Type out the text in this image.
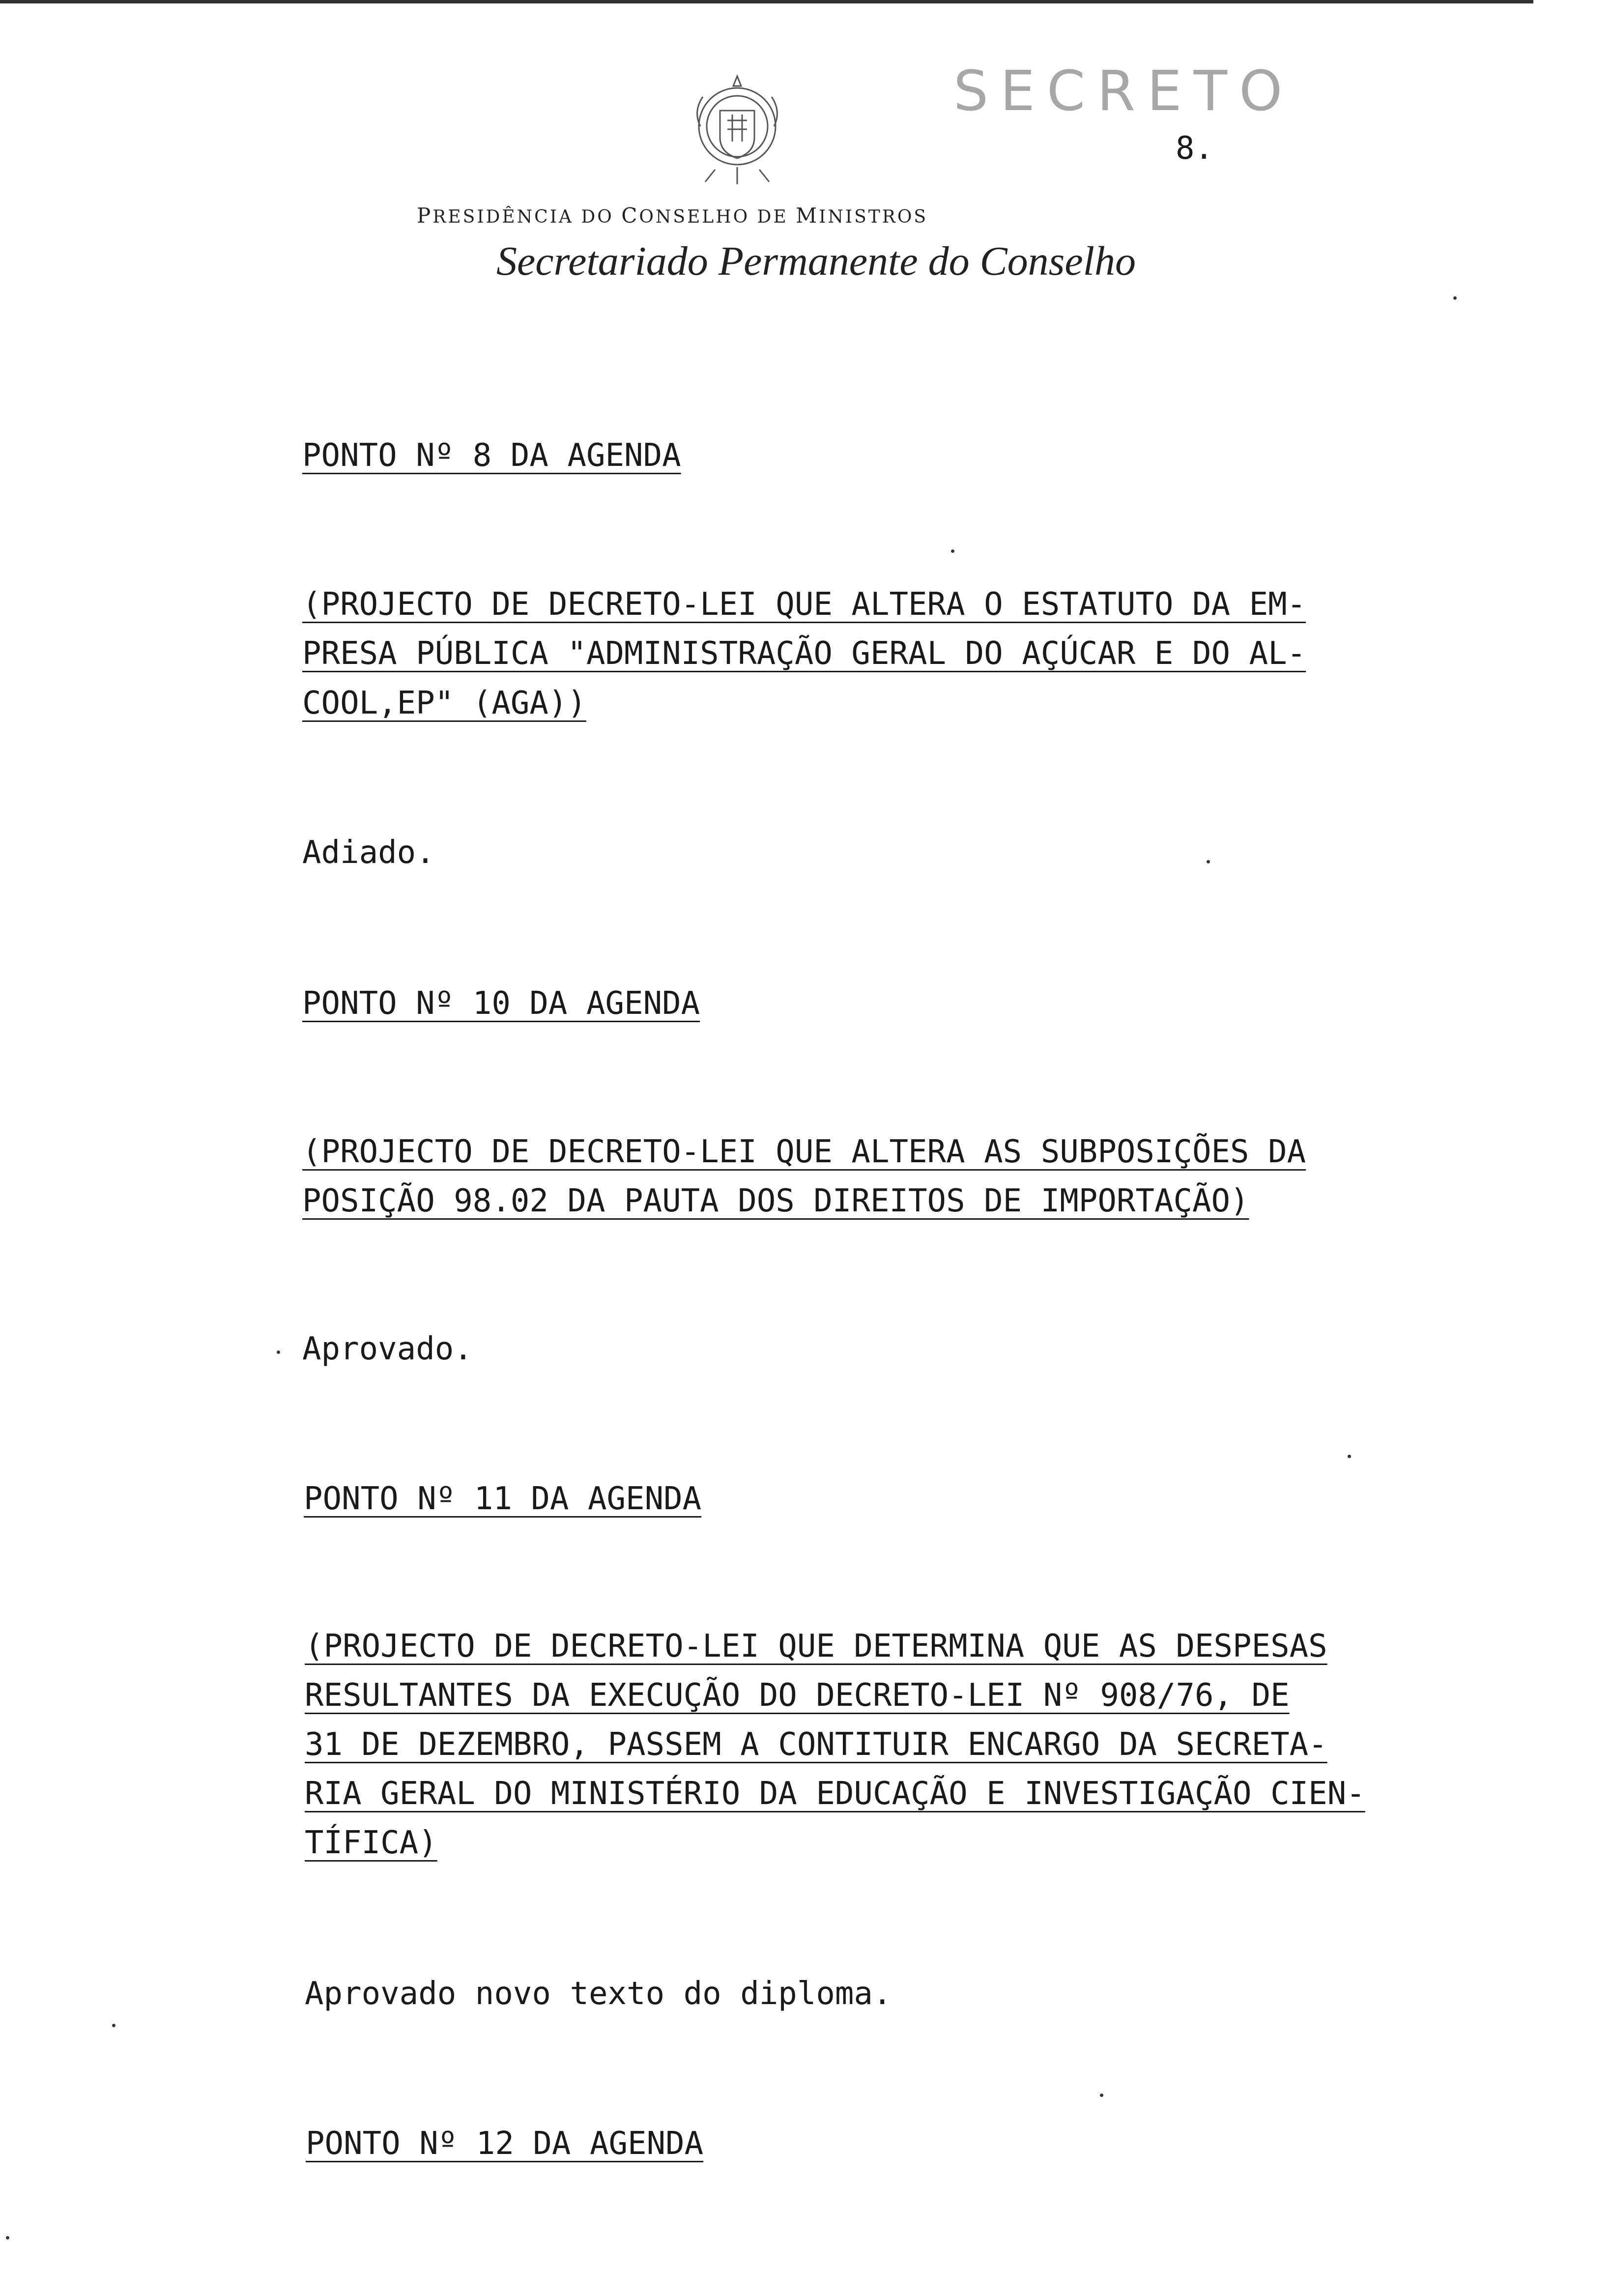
SECRETO
8.
PRESIDÊNCIA DO CONSELHO DE MINISTROS
Secretariado Permanente do Conselho
PONTO Nº 8 DA AGENDA
(PROJECTO DE DECRETO-LEI QUE ALTERA O ESTATUTO DA EM-
PRESA PÚBLICA "ADMINISTRAÇÃO GERAL DO AÇÚCAR E DO AL-
COOL,EP" (AGA))
Adiado.
PONTO Nº 10 DA AGENDA
(PROJECTO DE DECRETO-LEI QUE ALTERA AS SUBPOSIÇÕES DA
POSIÇÃO 98.02 DA PAUTA DOS DIREITOS DE IMPORTAÇÃO)
Aprovado.
PONTO Nº 11 DA AGENDA
(PROJECTO DE DECRETO-LEI QUE DETERMINA QUE AS DESPESAS
RESULTANTES DA EXECUÇÃO DO DECRETO-LEI Nº 908/76, DE
31 DE DEZEMBRO, PASSEM A CONTITUIR ENCARGO DA SECRETA-
RIA GERAL DO MINISTÉRIO DA EDUCAÇÃO E INVESTIGAÇÃO CIEN-
TÍFICA)
Aprovado novo texto do diploma.
PONTO Nº 12 DA AGENDA
